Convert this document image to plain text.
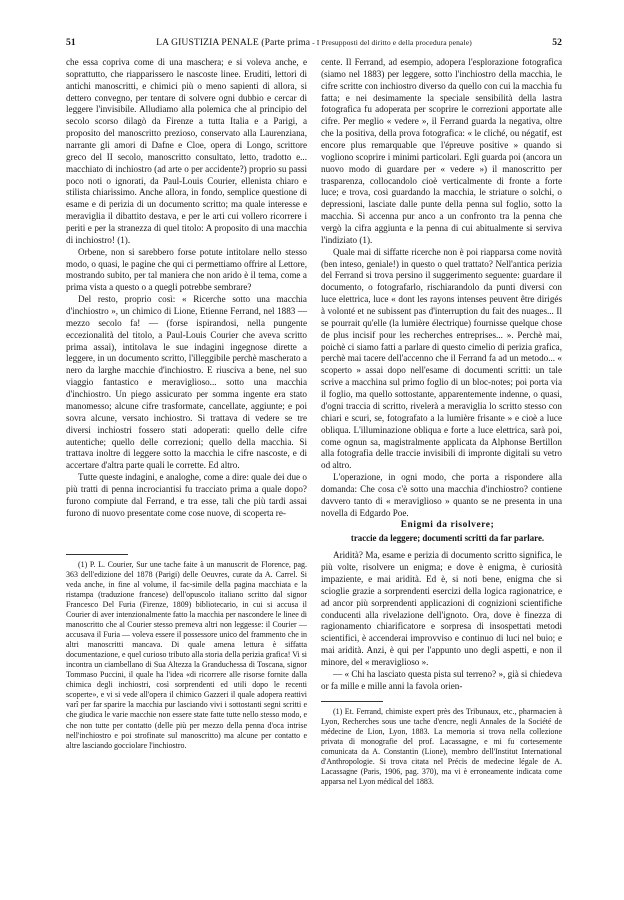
51	LA GIUSTIZIA PENALE (Parte prima - I Presupposti del diritto e della procedura penale)	52

che essa copriva come di una maschera; e si voleva anche, e soprattutto, che riapparissero le nascoste linee. Eruditi, lettori di antichi manoscritti, e chimici più o meno sapienti di allora, si dettero convegno, per tentare di solvere ogni dubbio e cercar di leggere l'invisibile. Alludiamo alla polemica che al principio del secolo scorso dilagò da Firenze a tutta Italia e a Parigi, a proposito del manoscritto prezioso, conservato alla Laurenziana, narrante gli amori di Dafne e Cloe, opera di Longo, scrittore greco del II secolo, manoscritto consultato, letto, tradotto e... macchiato di inchiostro (ad arte o per accidente?) proprio su passi poco noti o ignorati, da Paul-Louis Courier, ellenista chiaro e stilista chiarissimo. Anche allora, in fondo, semplice questione di esame e di perizia di un documento scritto; ma quale interesse e meraviglia il dibattito destava, e per le arti cui vollero ricorrere i periti e per la stranezza di quel titolo: A proposito di una macchia di inchiostro! (1).

Orbene, non si sarebbero forse potute intitolare nello stesso modo, o quasi, le pagine che qui ci permettiamo offrire al Lettore, mostrando subito, per tal maniera che non arido è il tema, come a prima vista a questo o a quegli potrebbe sembrare?

Del resto, proprio così: « Ricerche sotto una macchia d'inchiostro », un chimico di Lione, Etienne Ferrand, nel 1883 — mezzo secolo fa! — (forse ispirandosi, nella pungente eccezionalità del titolo, a Paul-Louis Courier che aveva scritto prima assai), intitolava le sue indagini ingegnose dirette a leggere, in un documento scritto, l'illeggibile perchè mascherato a nero da larghe macchie d'inchiostro. E riusciva a bene, nel suo viaggio fantastico e meraviglioso... sotto una macchia d'inchiostro. Un piego assicurato per somma ingente era stato manomesso; alcune cifre trasformate, cancellate, aggiunte; e poi sovra alcune, versato inchiostro. Si trattava di vedere se tre diversi inchiostri fossero stati adoperati: quello delle cifre autentiche; quello delle correzioni; quello della macchia. Si trattava inoltre di leggere sotto la macchia le cifre nascoste, e di accertare d'altra parte quali le corrette. Ed altro.

Tutte queste indagini, e analoghe, come a dire: quale dei due o più tratti di penna incrociantisi fu tracciato prima a quale dopo? furono compiute dal Ferrand, e tra esse, tali che più tardi assai furono di nuovo presentate come cose nuove, di scoperta re-

(1) P. L. Courier, Sur une tache faite à un manuscrit de Florence, pag. 363 dell'edizione del 1878 (Parigi) delle Oeuvres, curate da A. Carrel. Si veda anche, in fine al volume, il fac-simile della pagina macchiata e la ristampa (traduzione francese) dell'opuscolo italiano scritto dal signor Francesco Del Furia (Firenze, 1809) bibliotecario, in cui si accusa il Courier di aver intenzionalmente fatto la macchia per nascondere le linee di manoscritto che al Courier stesso premeva altri non leggesse: il Courier — accusava il Furia — voleva essere il possessore unico del frammento che in altri manoscritti mancava. Di quale amena lettura è siffatta documentazione, e quel curioso tributo alla storia della perizia grafica! Vi si incontra un ciambellano di Sua Altezza la Granduchessa di Toscana, signor Tommaso Puccini, il quale ha l'idea «di ricorrere alle risorse fornite dalla chimica degli inchiostri, così sorprendenti ed utili dopo le recenti scoperte», e vi si vede all'opera il chimico Gazzeri il quale adopera reattivi varî per far sparire la macchia pur lasciando vivi i sottostanti segni scritti e che giudica le varie macchie non essere state fatte tutte nello stesso modo, e che non tutte per contatto (delle più per mezzo della penna d'oca intrise nell'inchiostro e poi strofinate sul manoscritto) ma alcune per contatto e altre lasciando gocciolare l'inchiostro.

cente. Il Ferrand, ad esempio, adopera l'esplorazione fotografica (siamo nel 1883) per leggere, sotto l'inchiostro della macchia, le cifre scritte con inchiostro diverso da quello con cui la macchia fu fatta; e nei desimamente la speciale sensibilità della lastra fotografica fu adoperata per scoprire le correzioni apportate alle cifre. Per meglio « vedere », il Ferrand guarda la negativa, oltre che la positiva, della prova fotografica: « le cliché, ou négatif, est encore plus remarquable que l'épreuve positive » quando si vogliono scoprire i minimi particolari. Egli guarda poi (ancora un nuovo modo di guardare per « vedere ») il manoscritto per trasparenza, collocandolo cioè verticalmente di fronte a forte luce; e trova, così guardando la macchia, le striature o solchi, o depressioni, lasciate dalle punte della penna sul foglio, sotto la macchia. Si accenna pur anco a un confronto tra la penna che vergò la cifra aggiunta e la penna di cui abitualmente si serviva l'indiziato (1).

Quale mai di siffatte ricerche non è poi riapparsa come novità (ben inteso, geniale!) in questo o quel trattato? Nell'antica perizia del Ferrand si trova persino il suggerimento seguente: guardare il documento, o fotografarlo, rischiarandolo da punti diversi con luce elettrica, luce « dont les rayons intenses peuvent être dirigés à volonté et ne subissent pas d'interruption du fait des nuages... Il se pourrait qu'elle (la lumière électrique) fournisse quelque chose de plus incisif pour les recherches entreprises... ». Perchè mai, poichè ci siamo fatti a parlare di questo cimelio di perizia grafica, perchè mai tacere dell'accenno che il Ferrand fa ad un metodo... « scoperto » assai dopo nell'esame di documenti scritti: un tale scrive a macchina sul primo foglio di un bloc-notes; poi porta via il foglio, ma quello sottostante, apparentemente indenne, o quasi, d'ogni traccia di scritto, rivelerà a meraviglia lo scritto stesso con chiari e scuri, se, fotografato a la lumière frisante » e cioè a luce obliqua. L'illuminazione obliqua e forte a luce elettrica, sarà poi, come ognun sa, magistralmente applicata da Alphonse Bertillon alla fotografia delle traccie invisibili di impronte digitali su vetro od altro.

L'operazione, in ogni modo, che porta a rispondere alla domanda: Che cosa c'è sotto una macchia d'inchiostro? contiene davvero tanto di « meraviglioso » quanto se ne presenta in una novella di Edgardo Poe.

Enigmi da risolvere;

traccie da leggere; documenti scritti da far parlare.

Aridità? Ma, esame e perizia di documento scritto significa, le più volte, risolvere un enigma; e dove è enigma, è curiosità impaziente, e mai aridità. Ed è, si noti bene, enigma che si scioglie grazie a sorprendenti esercizi della logica ragionatrice, e ad ancor più sorprendenti applicazioni di cognizioni scientifiche conducenti alla rivelazione dell'ignoto. Ora, dove è finezza di ragionamento chiarificatore e sorpresa di insospettati metodi scientifici, è accenderai improvviso e continuo di luci nel buio; e mai aridità. Anzi, è qui per l'appunto uno degli aspetti, e non il minore, del « meraviglioso ».

— « Chi ha lasciato questa pista sul terreno? », già si chiedeva or fa mille e mille anni la favola orien-

(1) Et. Ferrand, chimiste expert près des Tribunaux, etc., pharmacien à Lyon, Recherches sous une tache d'encre, negli Annales de la Société de médecine de Lion, Lyon, 1883. La memoria si trova nella collezione privata di monografie del prof. Lacassagne, e mi fu cortesemente comunicata da A. Constantin (Lione), membro dell'Institut International d'Anthropologie. Si trova citata nel Précis de medecine légale de A. Lacassagne (Paris, 1906, pag. 370), ma vi è erroneamente indicata come apparsa nel Lyon médical del 1883.
